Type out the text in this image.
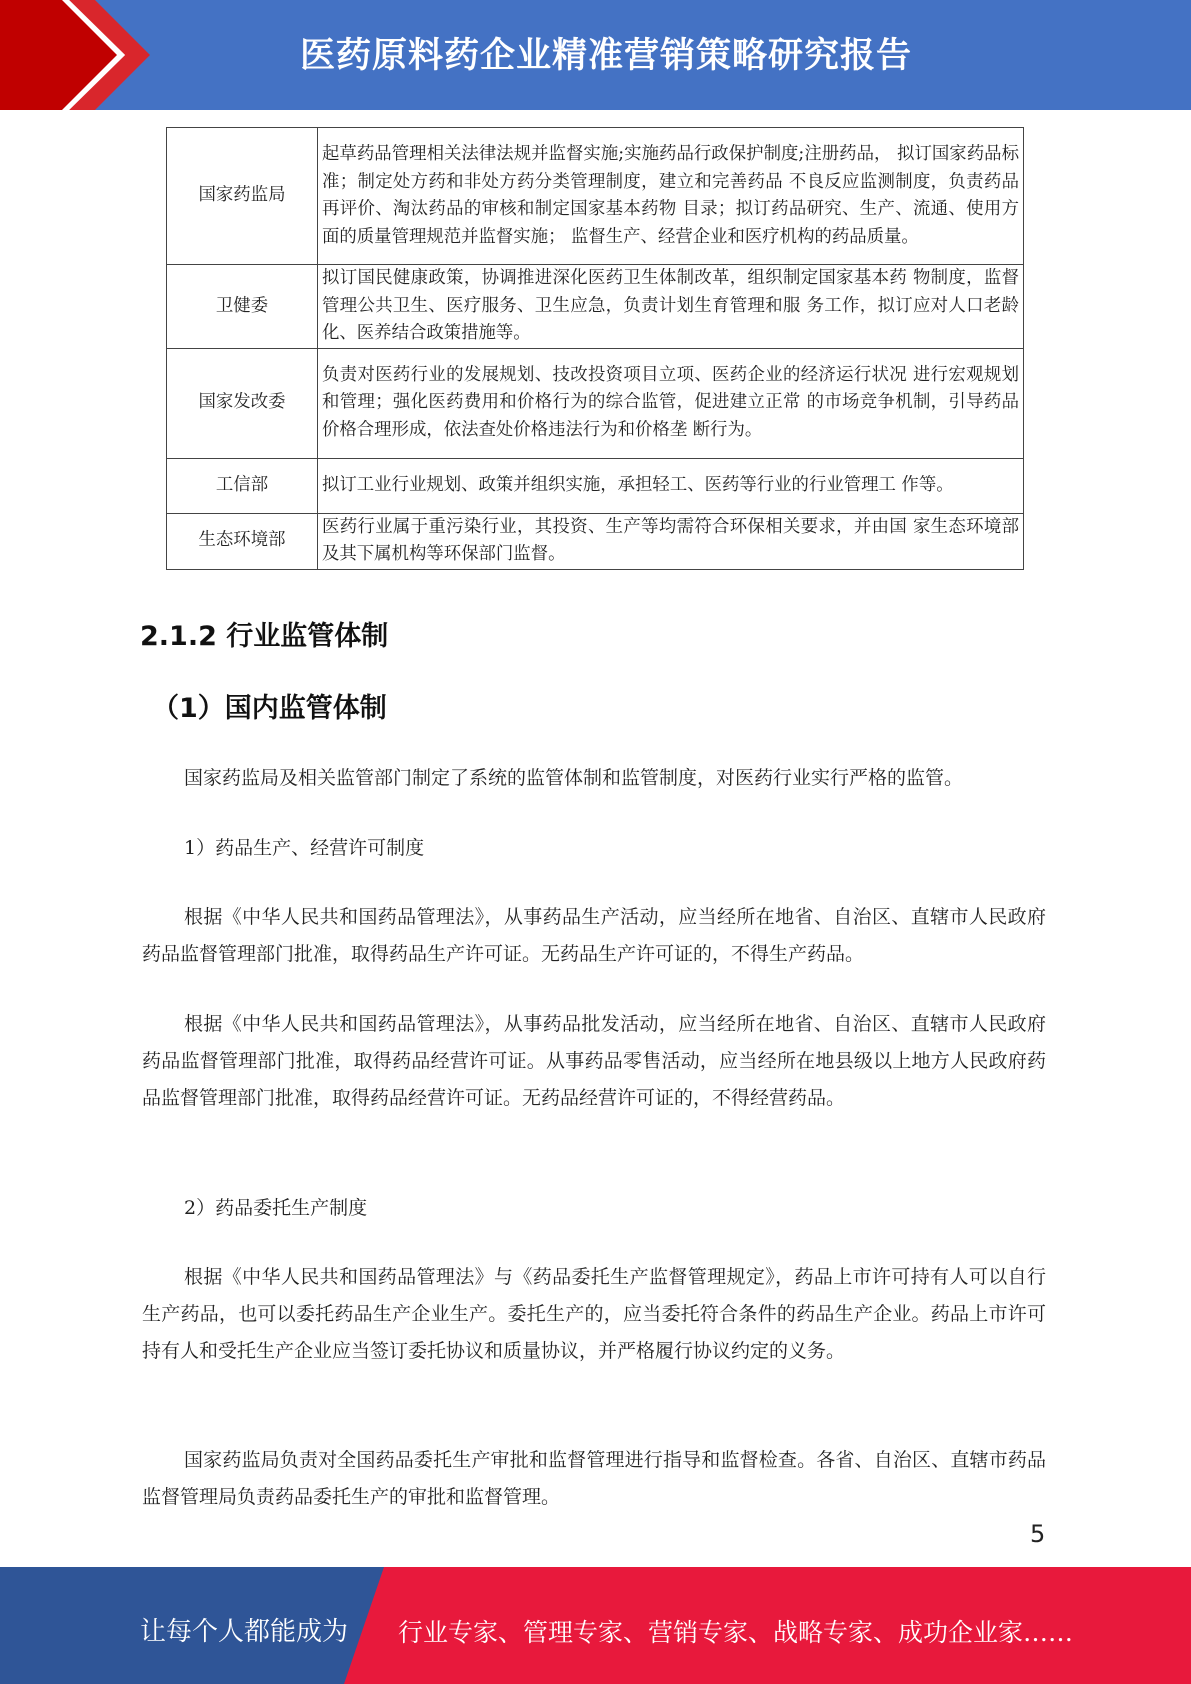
医药原料药企业精准营销策略研究报告
国家药监局	起草药品管理相关法律法规并监督实施;实施药品行政保护制度;注册药品， 拟订国家药品标准；制定处方药和非处方药分类管理制度，建立和完善药品 不良反应监测制度，负责药品再评价、淘汰药品的审核和制定国家基本药物 目录；拟订药品研究、生产、流通、使用方面的质量管理规范并监督实施； 监督生产、经营企业和医疗机构的药品质量。
卫健委	拟订国民健康政策，协调推进深化医药卫生体制改革，组织制定国家基本药 物制度，监督管理公共卫生、医疗服务、卫生应急，负责计划生育管理和服 务工作，拟订应对人口老龄化、医养结合政策措施等。
国家发改委	负责对医药行业的发展规划、技改投资项目立项、医药企业的经济运行状况 进行宏观规划和管理；强化医药费用和价格行为的综合监管，促进建立正常 的市场竞争机制，引导药品价格合理形成，依法查处价格违法行为和价格垄 断行为。
工信部	拟订工业行业规划、政策并组织实施，承担轻工、医药等行业的行业管理工 作等。
生态环境部	医药行业属于重污染行业，其投资、生产等均需符合环保相关要求，并由国 家生态环境部及其下属机构等环保部门监督。
2.1.2 行业监管体制
（1）国内监管体制

国家药监局及相关监管部门制定了系统的监管体制和监管制度，对医药行业实行严格的监管。

1）药品生产、经营许可制度

根据《中华人民共和国药品管理法》，从事药品生产活动，应当经所在地省、自治区、直辖市人民政府药品监督管理部门批准，取得药品生产许可证。无药品生产许可证的，不得生产药品。

根据《中华人民共和国药品管理法》，从事药品批发活动，应当经所在地省、自治区、直辖市人民政府药品监督管理部门批准，取得药品经营许可证。从事药品零售活动，应当经所在地县级以上地方人民政府药品监督管理部门批准，取得药品经营许可证。无药品经营许可证的，不得经营药品。

2）药品委托生产制度

根据《中华人民共和国药品管理法》与《药品委托生产监督管理规定》，药品上市许可持有人可以自行生产药品，也可以委托药品生产企业生产。委托生产的，应当委托符合条件的药品生产企业。药品上市许可持有人和受托生产企业应当签订委托协议和质量协议，并严格履行协议约定的义务。

国家药监局负责对全国药品委托生产审批和监督管理进行指导和监督检查。各省、自治区、直辖市药品监督管理局负责药品委托生产的审批和监督管理。

5
让每个人都能成为 行业专家、管理专家、营销专家、战略专家、成功企业家……
